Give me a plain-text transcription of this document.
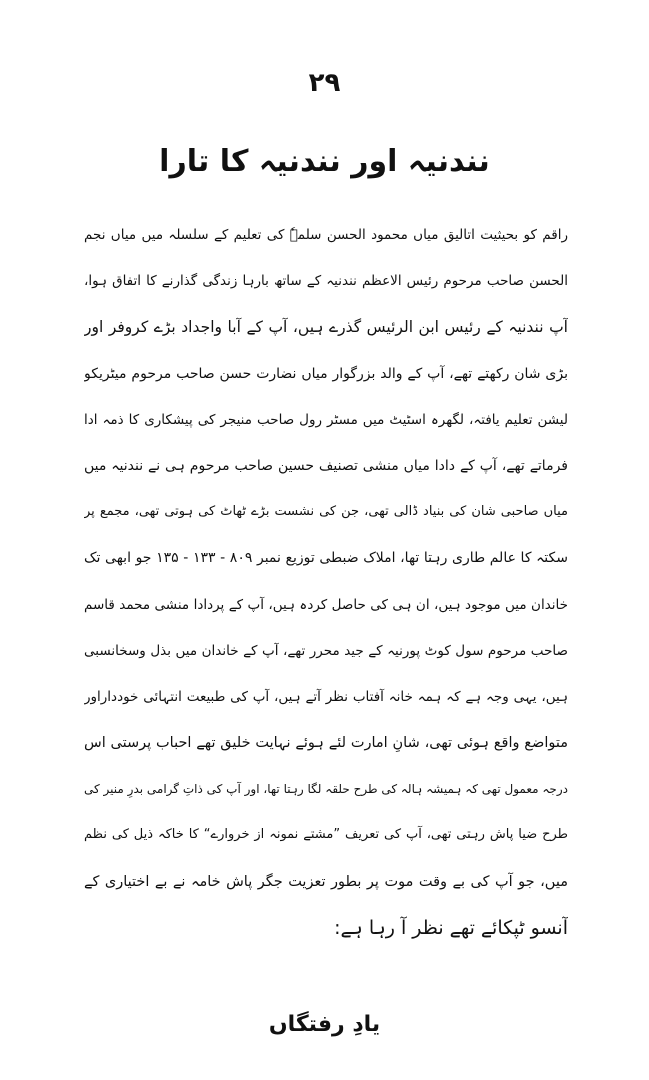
۲۹
نندنیہ اور نندنیہ کا تارا
راقم کو بحیثیت اتالیق میاں محمود الحسن سلمہٗ کی تعلیم کے سلسلہ میں میاں نجم
الحسن صاحب مرحوم رئیس الاعظم نندنیہ کے ساتھ بارہا زندگی گذارنے کا اتفاق ہوا،
آپ نندنیہ کے رئیس ابن الرئیس گذرے ہیں، آپ کے آبا واجداد بڑے کروفر اور
بڑی شان رکھتے تھے، آپ کے والد بزرگوار میاں نضارت حسن صاحب مرحوم میٹریکو
لیشن تعلیم یافتہ، لگھرہ اسٹیٹ میں مسٹر رول صاحب منیجر کی پیشکاری کا ذمہ ادا
فرماتے تھے، آپ کے دادا میاں منشی تصنیف حسین صاحب مرحوم ہی نے نندنیہ میں
میاں صاحبی شان کی بنیاد ڈالی تھی، جن کی نشست بڑے ٹھاٹ کی ہوتی تھی، مجمع پر
سکتہ کا عالم طاری رہتا تھا، املاک ضبطی توزیع نمبر ۸۰۹ - ۱۳۳ - ۱۳۵ جو ابھی تک
خاندان میں موجود ہیں، ان ہی کی حاصل کردہ ہیں، آپ کے پردادا منشی محمد قاسم
صاحب مرحوم سول کوٹ پورنیہ کے جید محرر تھے، آپ کے خاندان میں بذل وسخانسبی
ہیں، یہی وجہ ہے کہ ہمہ خانہ آفتاب نظر آتے ہیں، آپ کی طبیعت انتہائی خودداراور
متواضع واقع ہوئی تھی، شانِ امارت لئے ہوئے نہایت خلیق تھے احباب پرستی اس
درجہ معمول تھی کہ ہمیشہ ہالہ کی طرح حلقہ لگا رہتا تھا، اور آپ کی ذاتِ گرامی بدرِ منیر کی
طرح ضیا پاش رہتی تھی، آپ کی تعریف ”مشتے نمونہ از خروارے“ کا خاکہ ذیل کی نظم
میں، جو آپ کی بے وقت موت پر بطور تعزیت جگر پاش خامہ نے بے اختیاری کے
آنسو ٹپکائے تھے نظر آ رہا ہے:
یادِ رفتگاں
